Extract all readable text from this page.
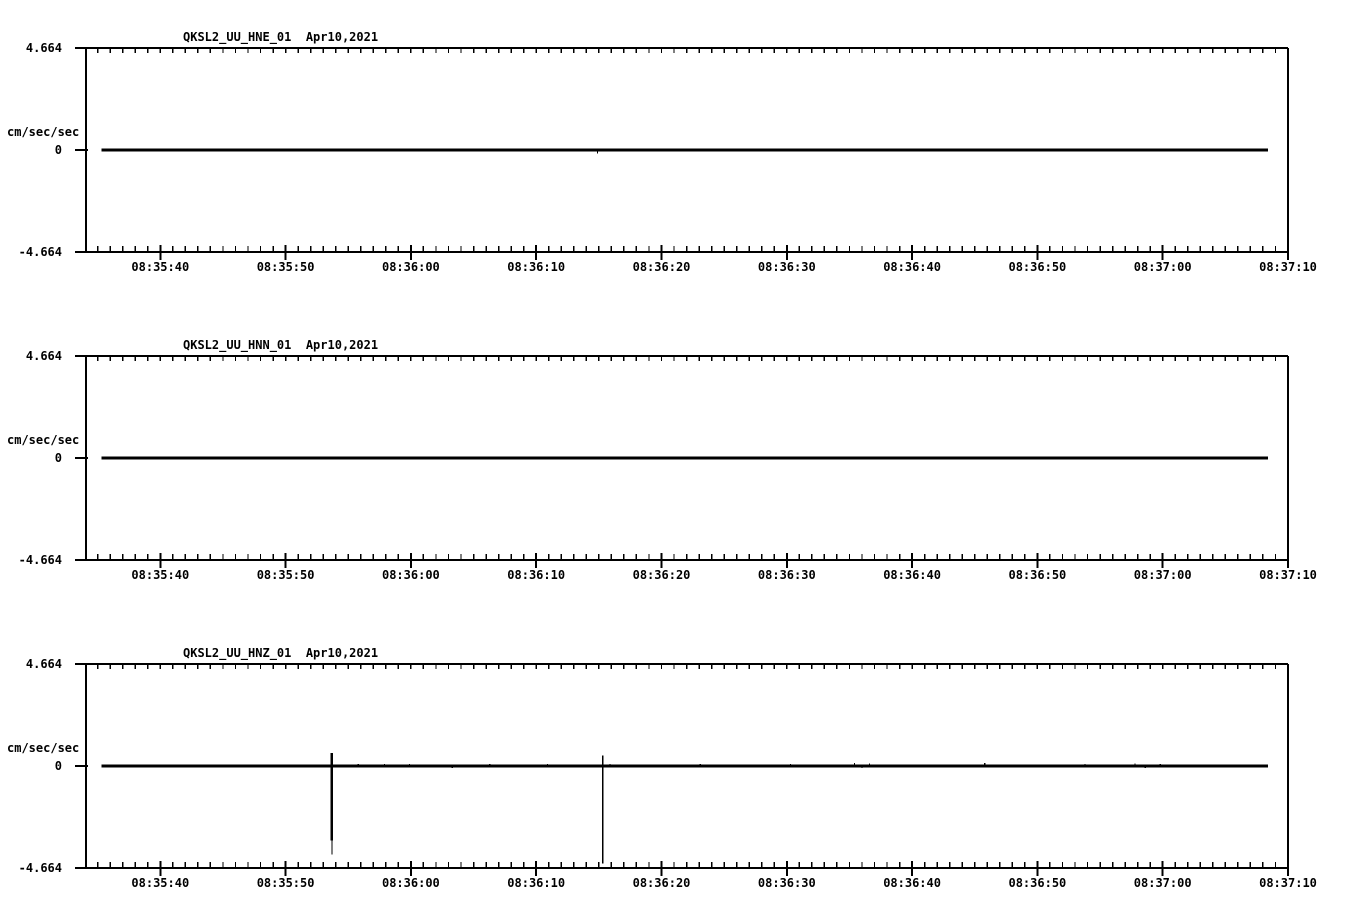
QKSL2_UU_HNE_01  Apr10,2021
4.664
cm/sec/sec
0
-4.664
08:35:40	08:35:50	08:36:00	08:36:10	08:36:20	08:36:30	08:36:40	08:36:50	08:37:00	08:37:10
QKSL2_UU_HNN_01  Apr10,2021
4.664
cm/sec/sec
0
-4.664
08:35:40	08:35:50	08:36:00	08:36:10	08:36:20	08:36:30	08:36:40	08:36:50	08:37:00	08:37:10
QKSL2_UU_HNZ_01  Apr10,2021
4.664
cm/sec/sec
0
-4.664
08:35:40	08:35:50	08:36:00	08:36:10	08:36:20	08:36:30	08:36:40	08:36:50	08:37:00	08:37:10
